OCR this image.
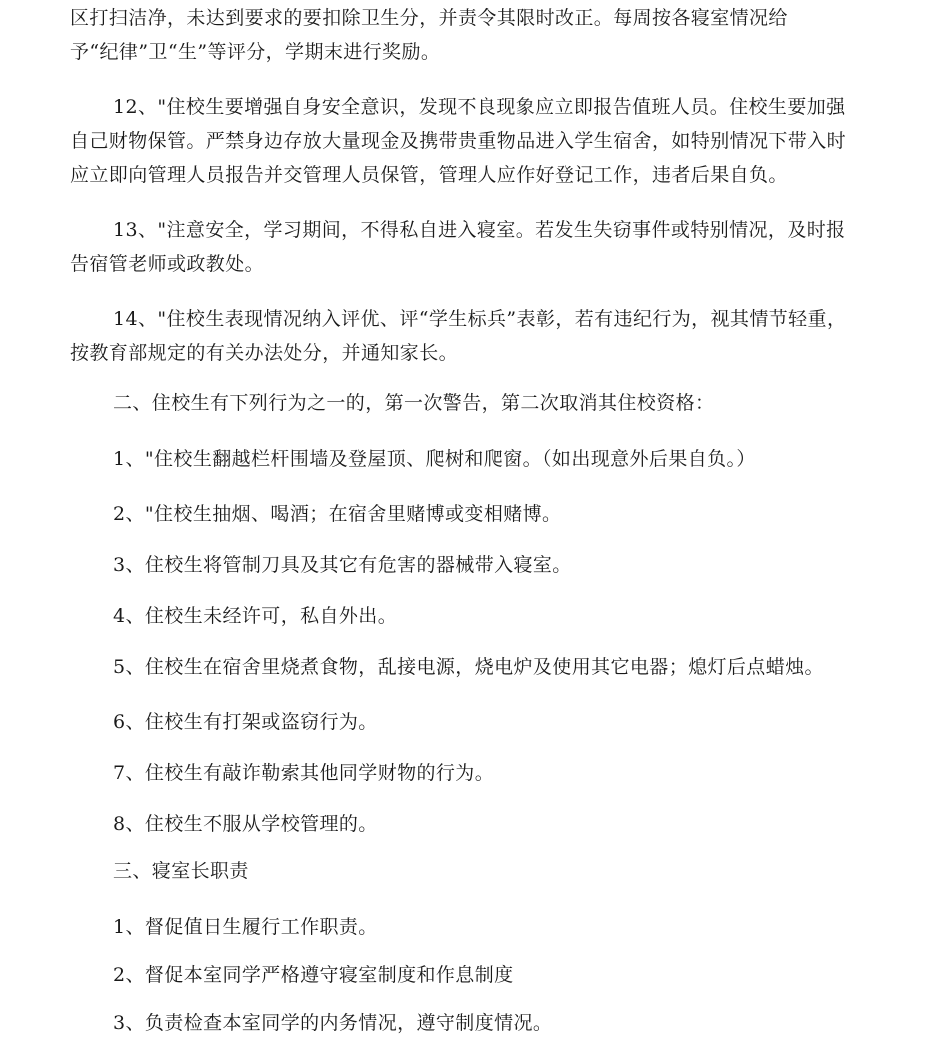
区打扫洁净，未达到要求的要扣除卫生分，并责令其限时改正。每周按各寝室情况给
予“纪律”卫“生”等评分，学期末进行奖励。
12、"住校生要增强自身安全意识，发现不良现象应立即报告值班人员。住校生要加强自己财物保管。严禁身边存放大量现金及携带贵重物品进入学生宿舍，如特别情况下带入时应立即向管理人员报告并交管理人员保管，管理人应作好登记工作，违者后果自负。
13、"注意安全，学习期间，不得私自进入寝室。若发生失窃事件或特别情况，及时报告宿管老师或政教处。
14、"住校生表现情况纳入评优、评“学生标兵”表彰，若有违纪行为，视其情节轻重，按教育部规定的有关办法处分，并通知家长。
二、住校生有下列行为之一的，第一次警告，第二次取消其住校资格：
1、"住校生翻越栏杆围墙及登屋顶、爬树和爬窗。（如出现意外后果自负。）
2、"住校生抽烟、喝酒；在宿舍里赌博或变相赌博。
3、住校生将管制刀具及其它有危害的器械带入寝室。
4、住校生未经许可，私自外出。
5、住校生在宿舍里烧煮食物，乱接电源，烧电炉及使用其它电器；熄灯后点蜡烛。
6、住校生有打架或盗窃行为。
7、住校生有敲诈勒索其他同学财物的行为。
8、住校生不服从学校管理的。
三、寝室长职责
1、督促值日生履行工作职责。
2、督促本室同学严格遵守寝室制度和作息制度
3、负责检查本室同学的内务情况，遵守制度情况。
